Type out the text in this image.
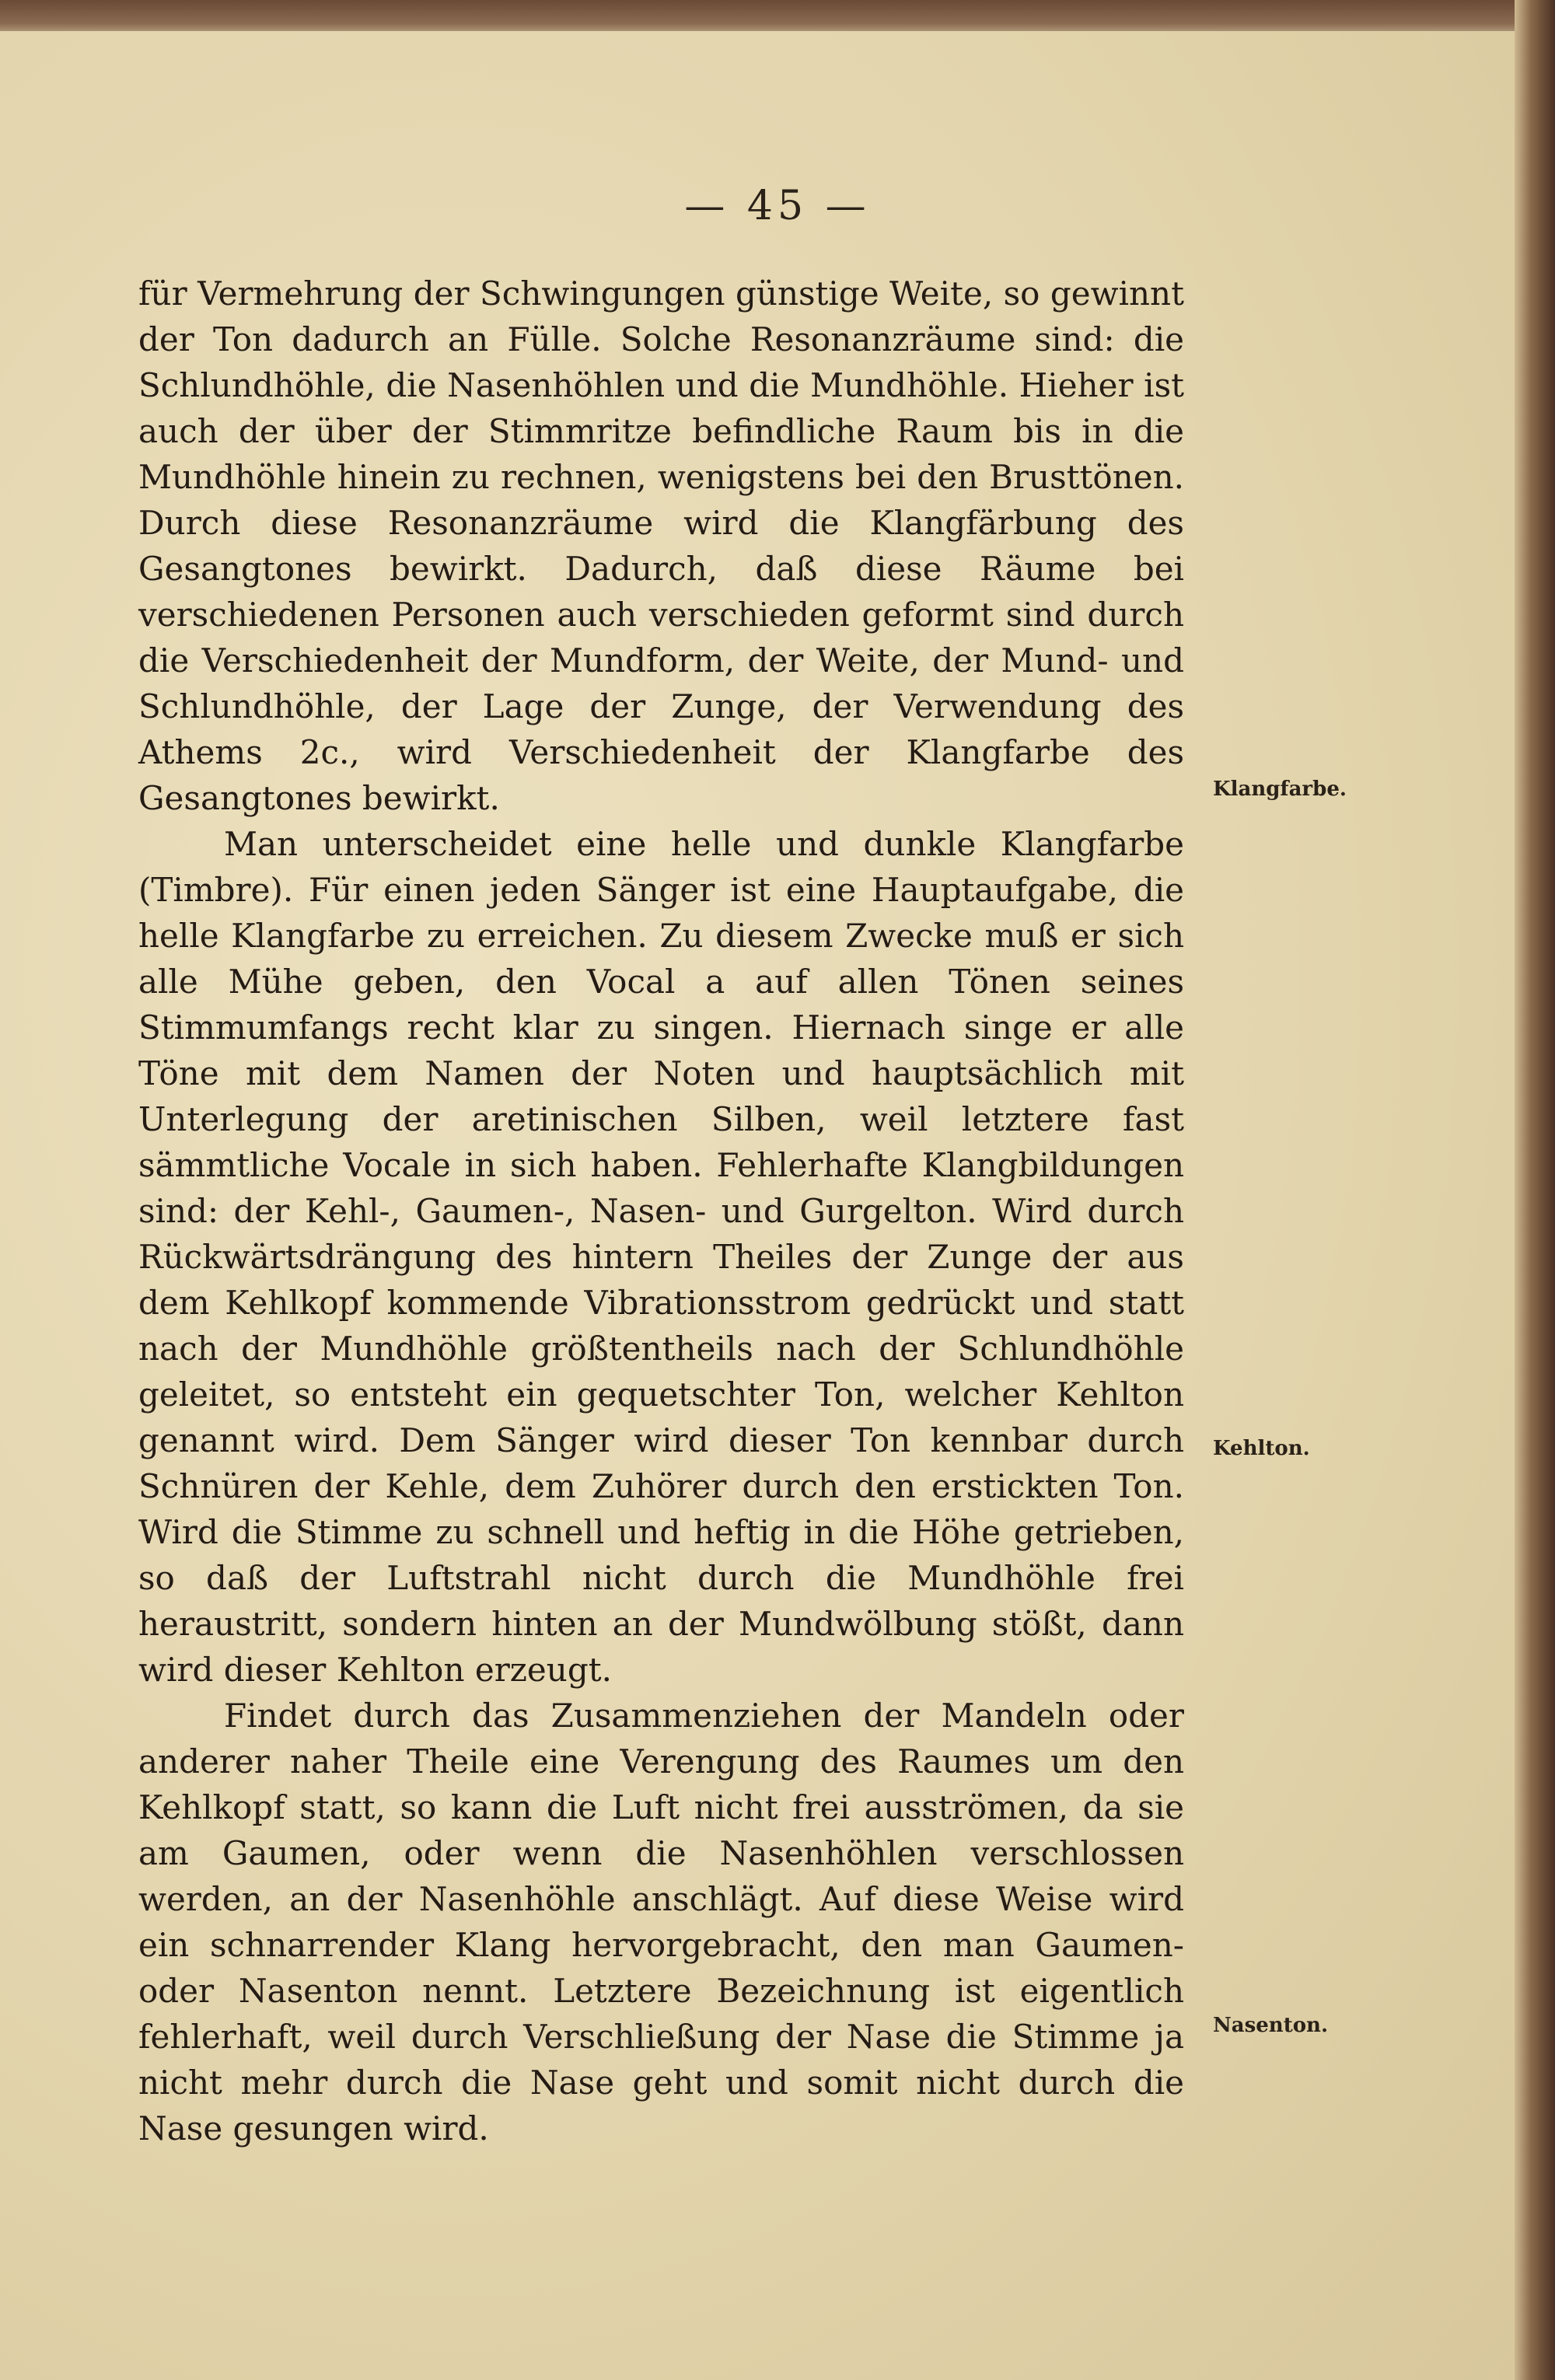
— 45 —

für Vermehrung der Schwingungen günstige Weite, so gewinnt der Ton dadurch an Fülle. Solche Resonanzräume sind: die Schlundhöhle, die Nasenhöhlen und die Mundhöhle. Hieher ist auch der über der Stimmritze befindliche Raum bis in die Mundhöhle hinein zu rechnen, wenigstens bei den Brusttönen. Durch diese Resonanzräume wird die Klangfärbung des Gesangtones bewirkt. Dadurch, daß diese Räume bei verschiedenen Personen auch verschieden geformt sind durch die Verschiedenheit der Mundform, der Weite, der Mund- und Schlundhöhle, der Lage der Zunge, der Verwendung des Athems 2c., wird Verschiedenheit der Klangfarbe des Gesangtones bewirkt.

Man unterscheidet eine helle und dunkle Klangfarbe (Timbre). Für einen jeden Sänger ist eine Hauptaufgabe, die helle Klangfarbe zu erreichen. Zu diesem Zwecke muß er sich alle Mühe geben, den Vocal a auf allen Tönen seines Stimmumfangs recht klar zu singen. Hiernach singe er alle Töne mit dem Namen der Noten und hauptsächlich mit Unterlegung der aretinischen Silben, weil letztere fast sämmtliche Vocale in sich haben. Fehlerhafte Klangbildungen sind: der Kehl-, Gaumen-, Nasen- und Gurgelton. Wird durch Rückwärtsdrängung des hintern Theiles der Zunge der aus dem Kehlkopf kommende Vibrationsstrom gedrückt und statt nach der Mundhöhle größtentheils nach der Schlundhöhle geleitet, so entsteht ein gequetschter Ton, welcher Kehlton genannt wird. Dem Sänger wird dieser Ton kennbar durch Schnüren der Kehle, dem Zuhörer durch den erstickten Ton. Wird die Stimme zu schnell und heftig in die Höhe getrieben, so daß der Luftstrahl nicht durch die Mundhöhle frei heraustritt, sondern hinten an der Mundwölbung stößt, dann wird dieser Kehlton erzeugt.

Findet durch das Zusammenziehen der Mandeln oder anderer naher Theile eine Verengung des Raumes um den Kehlkopf statt, so kann die Luft nicht frei ausströmen, da sie am Gaumen, oder wenn die Nasenhöhlen verschlossen werden, an der Nasenhöhle anschlägt. Auf diese Weise wird ein schnarrender Klang hervorgebracht, den man Gaumen- oder Nasenton nennt. Letztere Bezeichnung ist eigentlich fehlerhaft, weil durch Verschließung der Nase die Stimme ja nicht mehr durch die Nase geht und somit nicht durch die Nase gesungen wird.

Klangfarbe.
Kehlton.
Nasenton.
